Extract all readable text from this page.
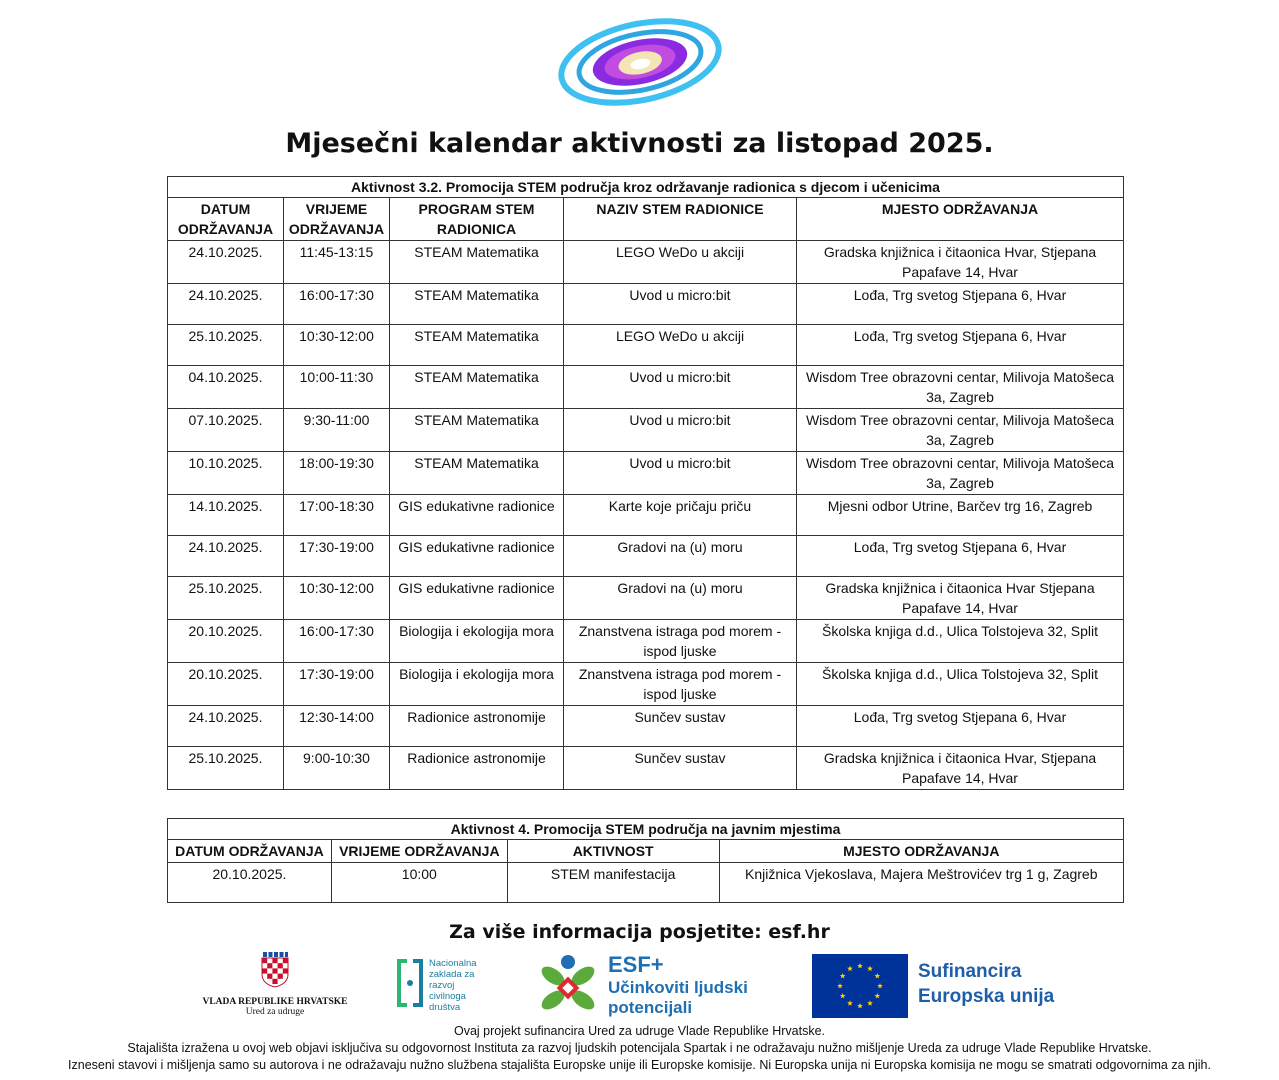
Mjesečni kalendar aktivnosti za listopad 2025.
Aktivnost 3.2. Promocija STEM područja kroz održavanje radionica s djecom i učenicima				
DATUM ODRŽAVANJA	VRIJEME ODRŽAVANJA	PROGRAM STEM RADIONICA	NAZIV STEM RADIONICE	MJESTO ODRŽAVANJA
24.10.2025.	11:45-13:15	STEAM Matematika	LEGO WeDo u akciji	Gradska knjižnica i čitaonica Hvar, Stjepana Papafave 14, Hvar
24.10.2025.	16:00-17:30	STEAM Matematika	Uvod u micro:bit	Lođa, Trg svetog Stjepana 6, Hvar
25.10.2025.	10:30-12:00	STEAM Matematika	LEGO WeDo u akciji	Lođa, Trg svetog Stjepana 6, Hvar
04.10.2025.	10:00-11:30	STEAM Matematika	Uvod u micro:bit	Wisdom Tree obrazovni centar, Milivoja Matošeca 3a, Zagreb
07.10.2025.	9:30-11:00	STEAM Matematika	Uvod u micro:bit	Wisdom Tree obrazovni centar, Milivoja Matošeca 3a, Zagreb
10.10.2025.	18:00-19:30	STEAM Matematika	Uvod u micro:bit	Wisdom Tree obrazovni centar, Milivoja Matošeca 3a, Zagreb
14.10.2025.	17:00-18:30	GIS edukativne radionice	Karte koje pričaju priču	Mjesni odbor Utrine, Barčev trg 16, Zagreb
24.10.2025.	17:30-19:00	GIS edukativne radionice	Gradovi na (u) moru	Lođa, Trg svetog Stjepana 6, Hvar
25.10.2025.	10:30-12:00	GIS edukativne radionice	Gradovi na (u) moru	Gradska knjižnica i čitaonica Hvar Stjepana Papafave 14, Hvar
20.10.2025.	16:00-17:30	Biologija i ekologija mora	Znanstvena istraga pod morem - ispod ljuske	Školska knjiga d.d., Ulica Tolstojeva 32, Split
20.10.2025.	17:30-19:00	Biologija i ekologija mora	Znanstvena istraga pod morem - ispod ljuske	Školska knjiga d.d., Ulica Tolstojeva 32, Split
24.10.2025.	12:30-14:00	Radionice astronomije	Sunčev sustav	Lođa, Trg svetog Stjepana 6, Hvar
25.10.2025.	9:00-10:30	Radionice astronomije	Sunčev sustav	Gradska knjižnica i čitaonica Hvar, Stjepana Papafave 14, Hvar
Aktivnost 4. Promocija STEM područja na javnim mjestima			
DATUM ODRŽAVANJA	VRIJEME ODRŽAVANJA	AKTIVNOST	MJESTO ODRŽAVANJA
20.10.2025.	10:00	STEM manifestacija	Knjižnica Vjekoslava, Majera Meštrovićev trg 1 g, Zagreb
Za više informacija posjetite: esf.hr
VLADA REPUBLIKE HRVATSKE
Ured za udruge
Nacionalna
zaklada za
razvoj
civilnoga
društva
ESF+
Učinkoviti ljudski
potencijali
Sufinancira
Europska unija
Ovaj projekt sufinancira Ured za udruge Vlade Republike Hrvatske.
Stajališta izražena u ovoj web objavi isključiva su odgovornost Instituta za razvoj ljudskih potencijala Spartak i ne odražavaju nužno mišljenje Ureda za udruge Vlade Republike Hrvatske.
Izneseni stavovi i mišljenja samo su autorova i ne odražavaju nužno službena stajališta Europske unije ili Europske komisije. Ni Europska unija ni Europska komisija ne mogu se smatrati odgovornima za njih.
